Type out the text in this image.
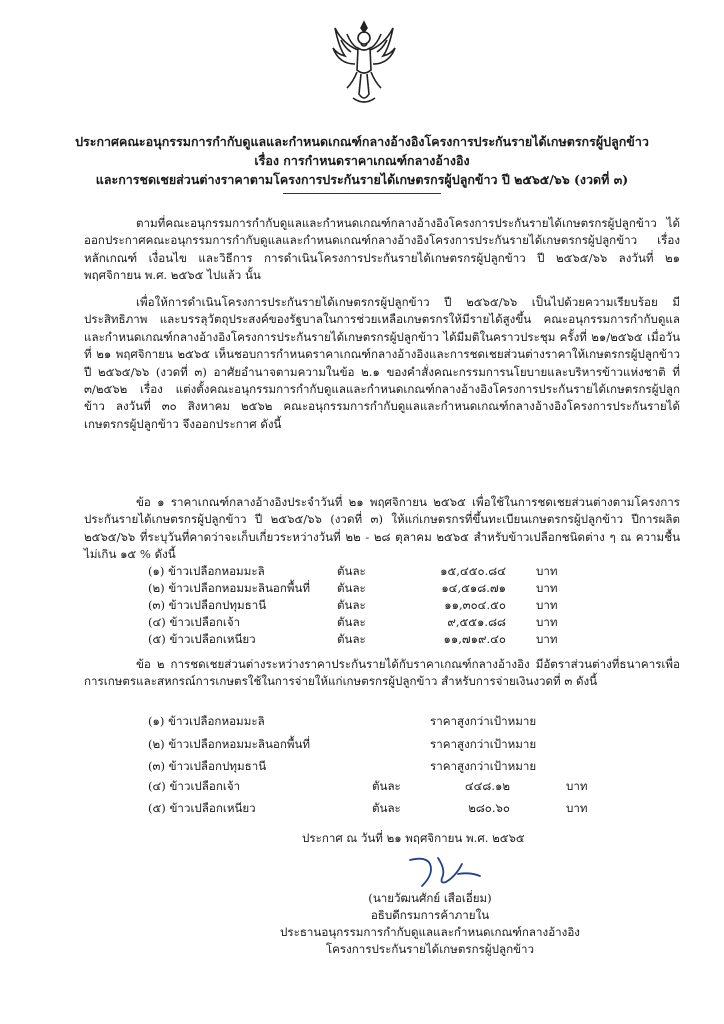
ประกาศคณะอนุกรรมการกำกับดูแลและกำหนดเกณฑ์กลางอ้างอิงโครงการประกันรายได้เกษตรกรผู้ปลูกข้าว
เรื่อง การกำหนดราคาเกณฑ์กลางอ้างอิง
และการชดเชยส่วนต่างราคาตามโครงการประกันรายได้เกษตรกรผู้ปลูกข้าว ปี ๒๕๖๕/๖๖ (งวดที่ ๓)

ตามที่คณะอนุกรรมการกำกับดูแลและกำหนดเกณฑ์กลางอ้างอิงโครงการประกันรายได้เกษตรกรผู้ปลูกข้าว ได้ออกประกาศคณะอนุกรรมการกำกับดูแลและกำหนดเกณฑ์กลางอ้างอิงโครงการประกันรายได้เกษตรกรผู้ปลูกข้าว เรื่อง หลักเกณฑ์ เงื่อนไข และวิธีการ การดำเนินโครงการประกันรายได้เกษตรกรผู้ปลูกข้าว ปี ๒๕๖๕/๖๖ ลงวันที่ ๒๑ พฤศจิกายน พ.ศ. ๒๕๖๕ ไปแล้ว นั้น

เพื่อให้การดำเนินโครงการประกันรายได้เกษตรกรผู้ปลูกข้าว ปี ๒๕๖๕/๖๖ เป็นไปด้วยความเรียบร้อย มีประสิทธิภาพ และบรรลุวัตถุประสงค์ของรัฐบาลในการช่วยเหลือเกษตรกรให้มีรายได้สูงขึ้น คณะอนุกรรมการกำกับดูแลและกำหนดเกณฑ์กลางอ้างอิงโครงการประกันรายได้เกษตรกรผู้ปลูกข้าว ได้มีมติในคราวประชุม ครั้งที่ ๒๑/๒๕๖๕ เมื่อวันที่ ๒๑ พฤศจิกายน ๒๕๖๕ เห็นชอบการกำหนดราคาเกณฑ์กลางอ้างอิงและการชดเชยส่วนต่างราคาให้เกษตรกรผู้ปลูกข้าว ปี ๒๕๖๕/๖๖ (งวดที่ ๓) อาศัยอำนาจตามความในข้อ ๒.๑ ของคำสั่งคณะกรรมการนโยบายและบริหารข้าวแห่งชาติ ที่ ๓/๒๕๖๒ เรื่อง แต่งตั้งคณะอนุกรรมการกำกับดูแลและกำหนดเกณฑ์กลางอ้างอิงโครงการประกันรายได้เกษตรกรผู้ปลูกข้าว ลงวันที่ ๓๐ สิงหาคม ๒๕๖๒ คณะอนุกรรมการกำกับดูแลและกำหนดเกณฑ์กลางอ้างอิงโครงการประกันรายได้เกษตรกรผู้ปลูกข้าว จึงออกประกาศ ดังนี้

ข้อ ๑ ราคาเกณฑ์กลางอ้างอิงประจำวันที่ ๒๑ พฤศจิกายน ๒๕๖๕ เพื่อใช้ในการชดเชยส่วนต่างตามโครงการประกันรายได้เกษตรกรผู้ปลูกข้าว ปี ๒๕๖๕/๖๖ (งวดที่ ๓) ให้แก่เกษตรกรที่ขึ้นทะเบียนเกษตรกรผู้ปลูกข้าว ปีการผลิต ๒๕๖๕/๖๖ ที่ระบุวันที่คาดว่าจะเก็บเกี่ยวระหว่างวันที่ ๒๒ - ๒๘ ตุลาคม ๒๕๖๕ สำหรับข้าวเปลือกชนิดต่าง ๆ ณ ความชื้นไม่เกิน ๑๕ % ดังนี้

(๑) ข้าวเปลือกหอมมะลิ	ตันละ	๑๕,๔๕๐.๘๔	บาท
(๒) ข้าวเปลือกหอมมะลินอกพื้นที่ ตันละ	๑๔,๕๑๘.๗๑	บาท
(๓) ข้าวเปลือกปทุมธานี	ตันละ	๑๑,๓๐๔.๕๐	บาท
(๔) ข้าวเปลือกเจ้า	ตันละ	๙,๕๕๑.๘๘	บาท
(๕) ข้าวเปลือกเหนียว	ตันละ	๑๑,๗๑๙.๔๐	บาท

ข้อ ๒ การชดเชยส่วนต่างระหว่างราคาประกันรายได้กับราคาเกณฑ์กลางอ้างอิง มีอัตราส่วนต่างที่ธนาคารเพื่อการเกษตรและสหกรณ์การเกษตรใช้ในการจ่ายให้แก่เกษตรกรผู้ปลูกข้าว สำหรับการจ่ายเงินงวดที่ ๓ ดังนี้

(๑) ข้าวเปลือกหอมมะลิ	ราคาสูงกว่าเป้าหมาย
(๒) ข้าวเปลือกหอมมะลินอกพื้นที่	ราคาสูงกว่าเป้าหมาย
(๓) ข้าวเปลือกปทุมธานี	ราคาสูงกว่าเป้าหมาย
(๔) ข้าวเปลือกเจ้า	ตันละ	๔๔๘.๑๒	บาท
(๕) ข้าวเปลือกเหนียว	ตันละ	๒๘๐.๖๐	บาท
ประกาศ ณ วันที่ ๒๑ พฤศจิกายน พ.ศ. ๒๕๖๕
(นายวัฒนศักย์ เสือเอี่ยม)
อธิบดีกรมการค้าภายใน
ประธานอนุกรรมการกำกับดูแลและกำหนดเกณฑ์กลางอ้างอิง
โครงการประกันรายได้เกษตรกรผู้ปลูกข้าว
